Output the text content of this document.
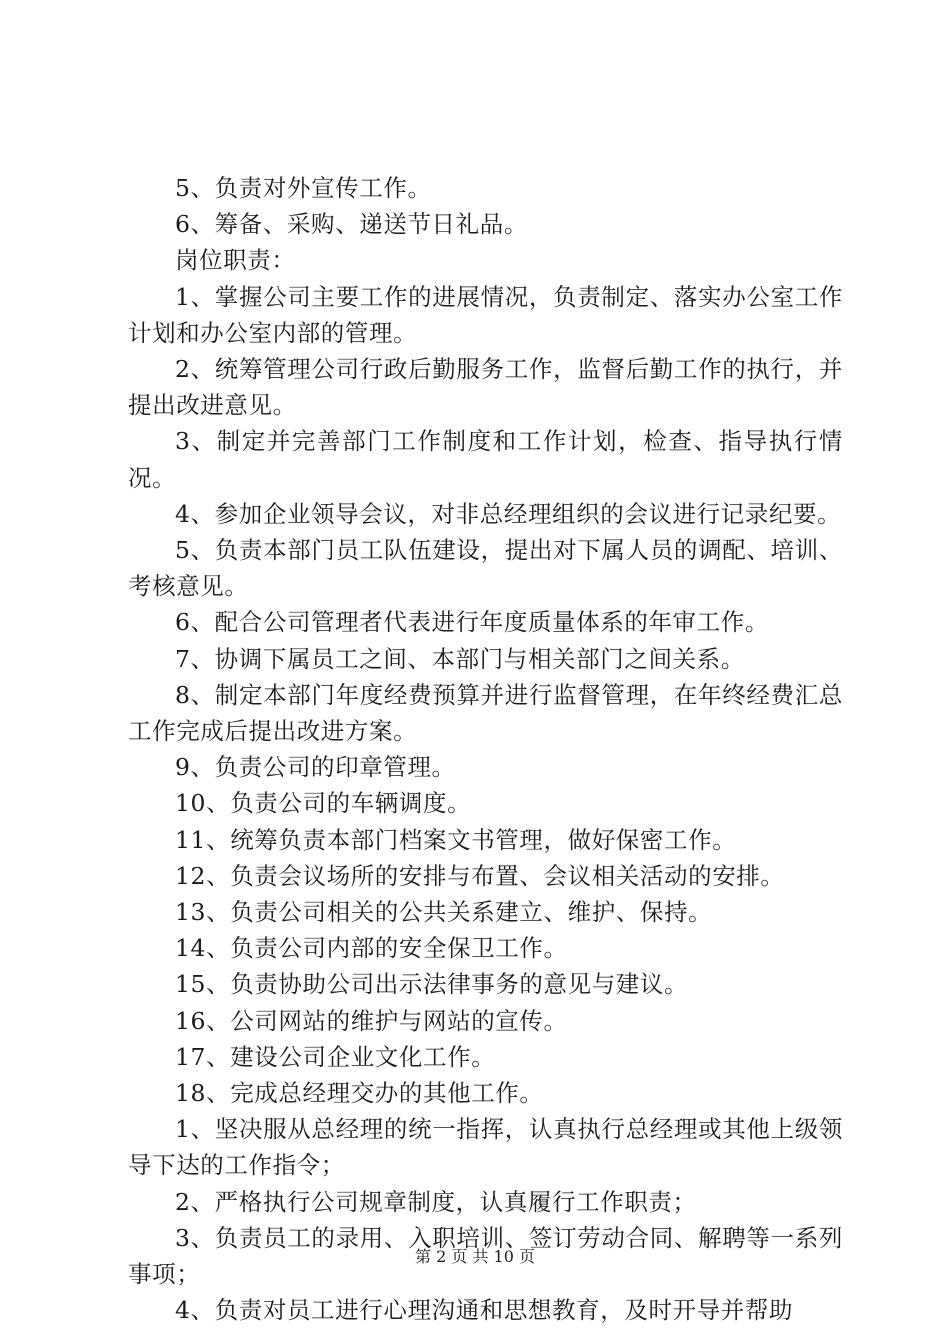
5、负责对外宣传工作。

6、筹备、采购、递送节日礼品。

岗位职责：

1、掌握公司主要工作的进展情况，负责制定、落实办公室工作计划和办公室内部的管理。

2、统筹管理公司行政后勤服务工作，监督后勤工作的执行，并提出改进意见。

3、制定并完善部门工作制度和工作计划，检查、指导执行情况。

4、参加企业领导会议，对非总经理组织的会议进行记录纪要。

5、负责本部门员工队伍建设，提出对下属人员的调配、培训、考核意见。

6、配合公司管理者代表进行年度质量体系的年审工作。

7、协调下属员工之间、本部门与相关部门之间关系。

8、制定本部门年度经费预算并进行监督管理，在年终经费汇总工作完成后提出改进方案。

9、负责公司的印章管理。

10、负责公司的车辆调度。

11、统筹负责本部门档案文书管理，做好保密工作。

12、负责会议场所的安排与布置、会议相关活动的安排。

13、负责公司相关的公共关系建立、维护、保持。

14、负责公司内部的安全保卫工作。

15、负责协助公司出示法律事务的意见与建议。

16、公司网站的维护与网站的宣传。

17、建设公司企业文化工作。

18、完成总经理交办的其他工作。

1、坚决服从总经理的统一指挥，认真执行总经理或其他上级领导下达的工作指令；

2、严格执行公司规章制度，认真履行工作职责；

3、负责员工的录用、入职培训、签订劳动合同、解聘等一系列事项；

4、负责对员工进行心理沟通和思想教育，及时开导并帮助

第 2 页 共 10 页
